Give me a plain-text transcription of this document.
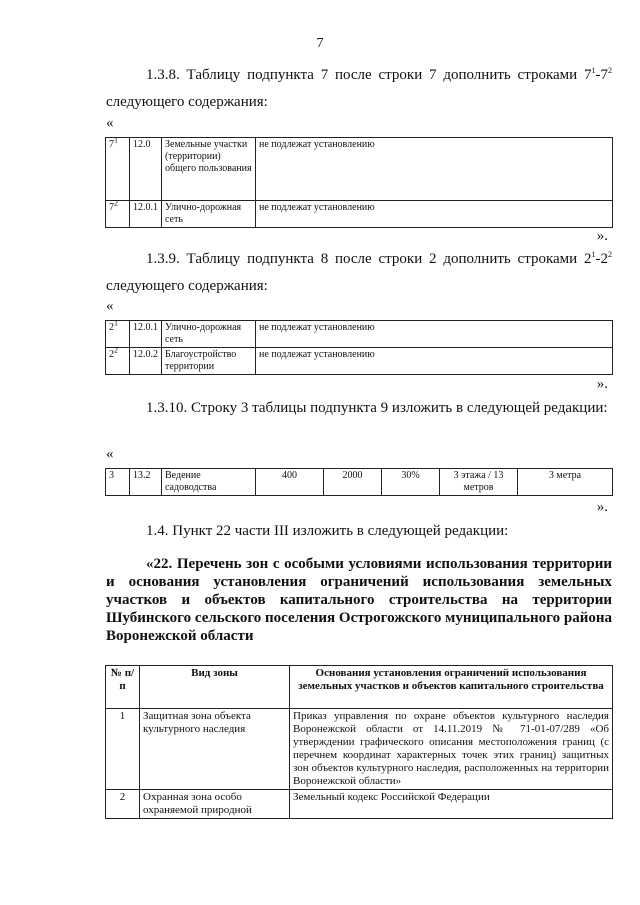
7
1.3.8. Таблицу подпункта 7 после строки 7 дополнить строками $7^1-7^2$ следующего содержания:
«
$7^1$	12.0	Земельные участки (территории) общего пользования	не подлежат установлению
$7^2$	12.0.1	Улично-дорожная сеть	не подлежат установлению
».
1.3.9. Таблицу подпункта 8 после строки 2 дополнить строками $2^1-2^2$ следующего содержания:
«
$2^1$	12.0.1	Улично-дорожная сеть	не подлежат установлению
$2^2$	12.0.2	Благоустройство территории	не подлежат установлению
».
1.3.10. Строку 3 таблицы подпункта 9 изложить в следующей редакции:
«
3	13.2	Ведение садоводства	400	2000	30%	3 этажа / 13 метров	3 метра
».
1.4. Пункт 22 части III изложить в следующей редакции:
«22. Перечень зон с особыми условиями использования территории и основания установления ограничений использования земельных участков и объектов капитального строительства на территории Шубинского сельского поселения Острогожского муниципального района Воронежской области
№ п/п	Вид зоны	Основания установления ограничений использования земельных участков и объектов капитального строительства
1	Защитная зона объекта культурного наследия	Приказ управления по охране объектов культурного наследия Воронежской области от 14.11.2019 № 71-01-07/289 «Об утверждении графического описания местоположения границ (с перечнем координат характерных точек этих границ) защитных зон объектов культурного наследия, расположенных на территории Воронежской области»
2	Охранная зона особо охраняемой природной	Земельный кодекс Российской Федерации
